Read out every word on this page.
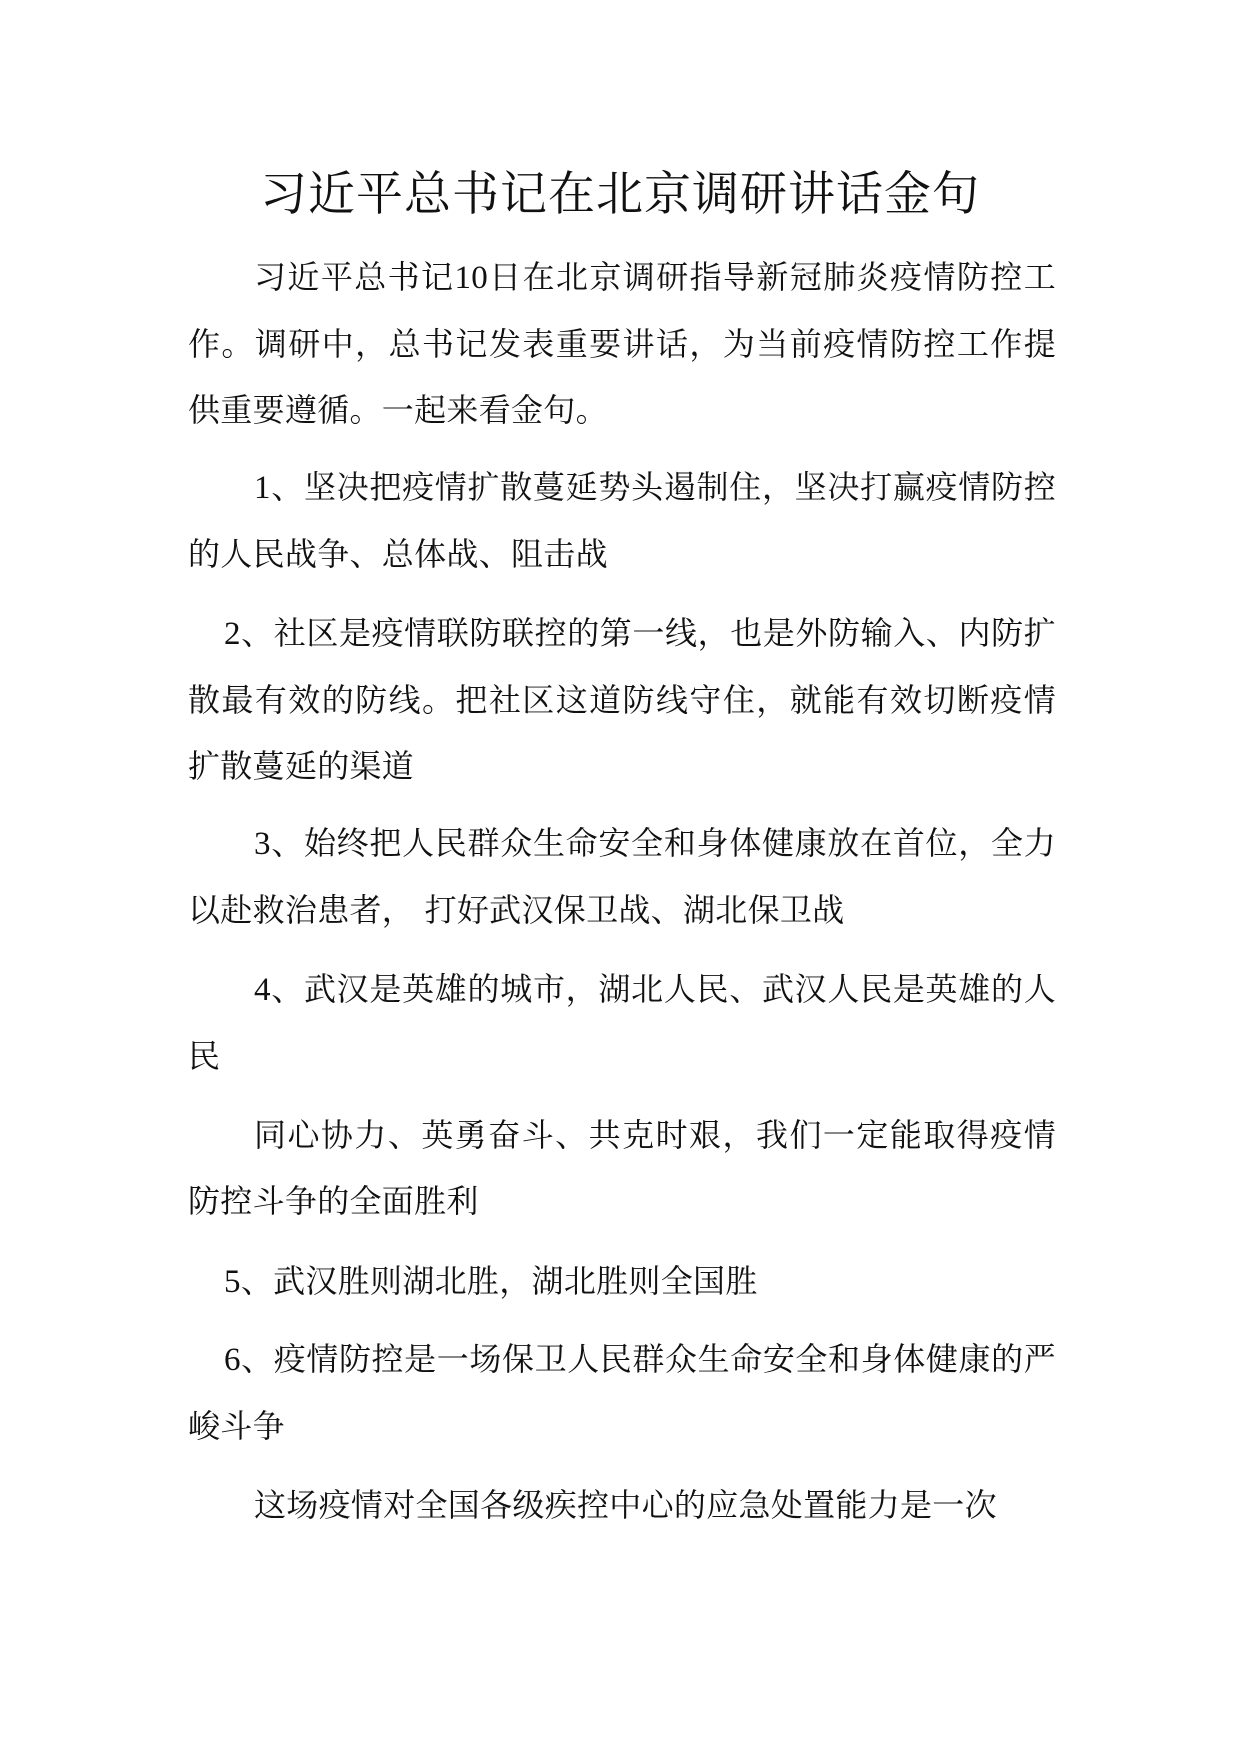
习近平总书记在北京调研讲话金句

习近平总书记10日在北京调研指导新冠肺炎疫情防控工作。调研中，总书记发表重要讲话，为当前疫情防控工作提供重要遵循。一起来看金句。

1、坚决把疫情扩散蔓延势头遏制住，坚决打赢疫情防控的人民战争、总体战、阻击战

2、社区是疫情联防联控的第一线，也是外防输入、内防扩散最有效的防线。把社区这道防线守住，就能有效切断疫情扩散蔓延的渠道

3、始终把人民群众生命安全和身体健康放在首位，全力以赴救治患者， 打好武汉保卫战、湖北保卫战

4、武汉是英雄的城市，湖北人民、武汉人民是英雄的人民

同心协力、英勇奋斗、共克时艰，我们一定能取得疫情防控斗争的全面胜利

5、武汉胜则湖北胜，湖北胜则全国胜

6、疫情防控是一场保卫人民群众生命安全和身体健康的严峻斗争

这场疫情对全国各级疾控中心的应急处置能力是一次
